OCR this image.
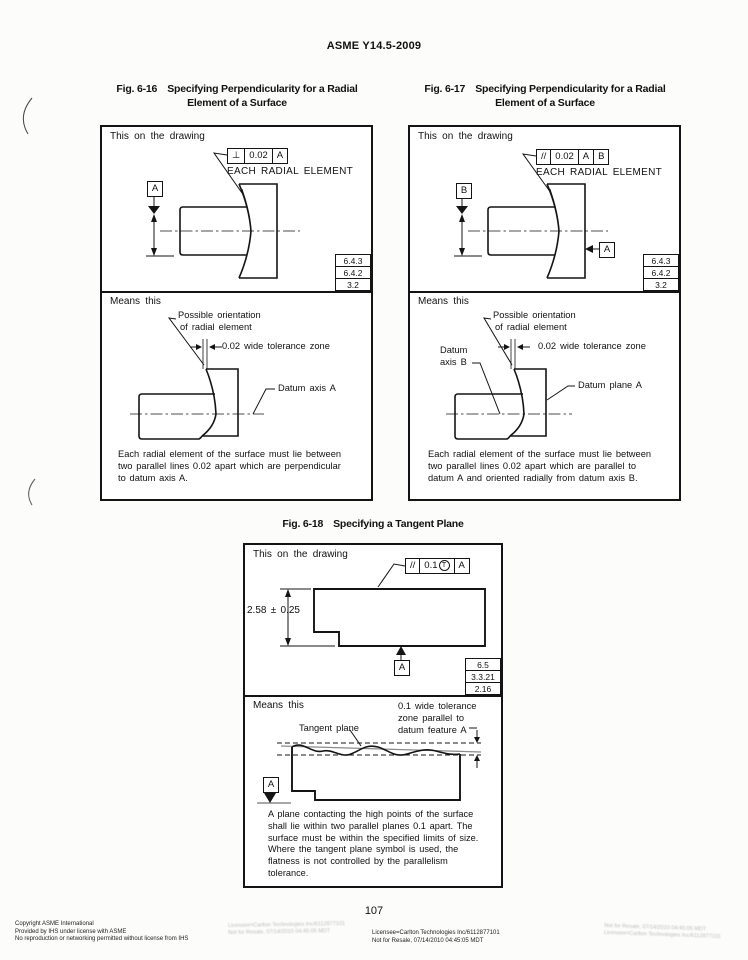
ASME Y14.5-2009
Fig. 6-16 Specifying Perpendicularity for a Radial
Element of a Surface
This on the drawing
⊥ 0.02 A
EACH RADIAL ELEMENT
A
6.4.3
6.4.2
3.2
Means this
Possible orientation
of radial element
0.02 wide tolerance zone
Datum axis A
Each radial element of the surface must lie between
two parallel lines 0.02 apart which are perpendicular
to datum axis A.
Fig. 6-17 Specifying Perpendicularity for a Radial
Element of a Surface
This on the drawing
// 0.02 A B
EACH RADIAL ELEMENT
B
A
6.4.3
6.4.2
3.2
Means this
Possible orientation
of radial element
0.02 wide tolerance zone
Datum
axis B
Datum plane A
Each radial element of the surface must lie between
two parallel lines 0.02 apart which are parallel to
datum A and oriented radially from datum axis B.
Fig. 6-18 Specifying a Tangent Plane
This on the drawing
// 0.1 T	A
2.58 ± 0.25
A	6.5
3.3.21
2.16
Means this	0.1 wide tolerance
zone parallel to
datum feature A
Tangent plane
A
A plane contacting the high points of the surface
shall lie within two parallel planes 0.1 apart. The
surface must be within the specified limits of size.
Where the tangent plane symbol is used, the
flatness is not controlled by the parallelism
tolerance.
107
Copyright ASME International
Provided by IHS under license with ASME
No reproduction or networking permitted without license from IHS
Licensee=Carlton Technologies Inc/6112877101
Not for Resale, 07/14/2010 04:45:05 MDT	Licensee=Carlton Technologies Inc/6112877101
Not for Resale, 07/14/2010 04:45:05 MDT
Not for Resale, 07/14/2010 04:45:05 MDT
Licensee=Carlton Technologies Inc/6112877101
